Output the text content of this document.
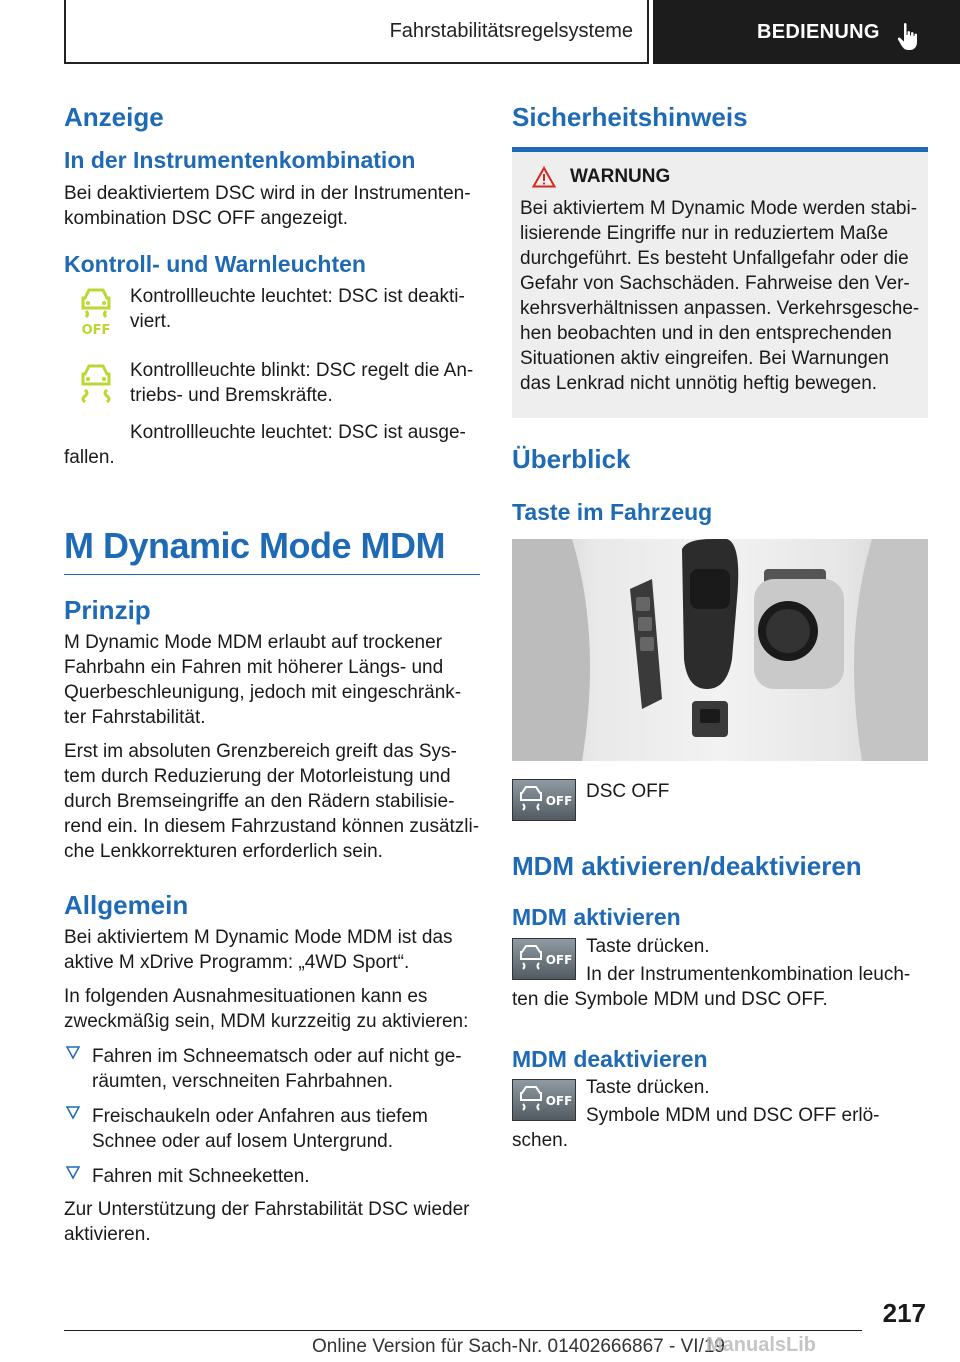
Fahrstabilitätsregelsysteme	BEDIENUNG
Anzeige
In der Instrumentenkombination

Bei deaktiviertem DSC wird in der Instrumenten-kombination DSC OFF angezeigt.

Kontroll- und Warnleuchten
OFF

Kontrollleuchte leuchtet: DSC ist deakti-viert.

Kontrollleuchte blinkt: DSC regelt die An-triebs- und Bremskräfte.

Kontrollleuchte leuchtet: DSC ist ausge-fallen.

M Dynamic Mode MDM
Prinzip

M Dynamic Mode MDM erlaubt auf trockener Fahrbahn ein Fahren mit höherer Längs- und Querbeschleunigung, jedoch mit eingeschränk-ter Fahrstabilität.

Erst im absoluten Grenzbereich greift das Sys-tem durch Reduzierung der Motorleistung und durch Bremseingriffe an den Rädern stabilisie-rend ein. In diesem Fahrzustand können zusätzli-che Lenkkorrekturen erforderlich sein.

Allgemein

Bei aktiviertem M Dynamic Mode MDM ist das aktive M xDrive Programm: „4WD Sport“.

In folgenden Ausnahmesituationen kann es zweckmäßig sein, MDM kurzzeitig zu aktivieren:

Fahren im Schneematsch oder auf nicht ge-räumten, verschneiten Fahrbahnen.
Freischaukeln oder Anfahren aus tiefem Schnee oder auf losem Untergrund.
Fahren mit Schneeketten.

Zur Unterstützung der Fahrstabilität DSC wieder aktivieren.

Sicherheitshinweis
WARNUNG

Bei aktiviertem M Dynamic Mode werden stabi-lisierende Eingriffe nur in reduziertem Maße durchgeführt. Es besteht Unfallgefahr oder die Gefahr von Sachschäden. Fahrweise den Ver-kehrsverhältnissen anpassen. Verkehrsgesche-hen beobachten und in den entsprechenden Situationen aktiv eingreifen. Bei Warnungen das Lenkrad nicht unnötig heftig bewegen.

Überblick
Taste im Fahrzeug
OFF DSC OFF

MDM aktivieren/deaktivieren
MDM aktivieren
OFF

Taste drücken.

In der Instrumentenkombination leuch-ten die Symbole MDM und DSC OFF.

MDM deaktivieren
OFF

Taste drücken.

Symbole MDM und DSC OFF erlö-schen.

217
Online Version für Sach-Nr. 01402666867 - VI/19
ManualsLib
